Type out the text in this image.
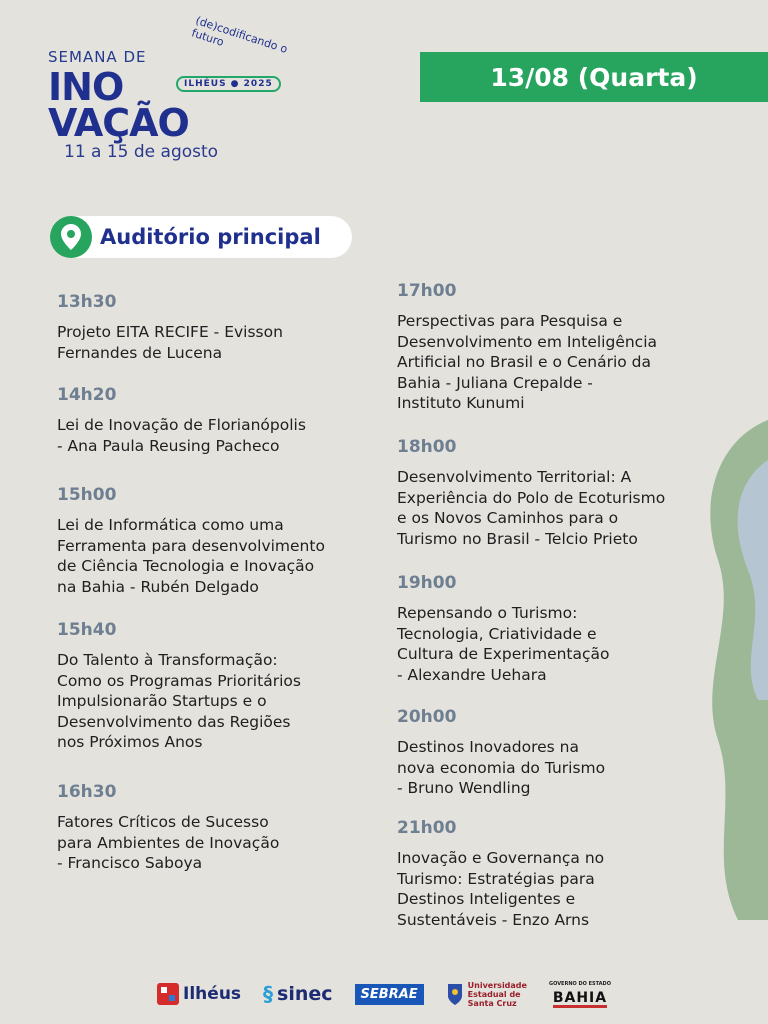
(de)codificando o futuro
SEMANA DE
INO	ILHÉUS ● 2025
VAÇÃO
11 a 15 de agosto
13/08 (Quarta)
Auditório principal
13h30
Projeto EITA RECIFE - Evisson
Fernandes de Lucena
14h20
Lei de Inovação de Florianópolis
- Ana Paula Reusing Pacheco
15h00
Lei de Informática como uma
Ferramenta para desenvolvimento
de Ciência Tecnologia e Inovação
na Bahia - Rubén Delgado
15h40
Do Talento à Transformação:
Como os Programas Prioritários
Impulsionarão Startups e o
Desenvolvimento das Regiões
nos Próximos Anos
16h30
Fatores Críticos de Sucesso
para Ambientes de Inovação
- Francisco Saboya
17h00
Perspectivas para Pesquisa e
Desenvolvimento em Inteligência
Artificial no Brasil e o Cenário da
Bahia - Juliana Crepalde -
Instituto Kunumi
18h00
Desenvolvimento Territorial: A
Experiência do Polo de Ecoturismo
e os Novos Caminhos para o
Turismo no Brasil - Telcio Prieto
19h00
Repensando o Turismo:
Tecnologia, Criatividade e
Cultura de Experimentação
- Alexandre Uehara
20h00
Destinos Inovadores na
nova economia do Turismo
- Bruno Wendling
21h00
Inovação e Governança no
Turismo: Estratégias para
Destinos Inteligentes e
Sustentáveis - Enzo Arns
Ilhéus § sinec	SEBRAE
Universidade
Estadual de
Santa Cruz
GOVERNO DO ESTADO
BAHIA
